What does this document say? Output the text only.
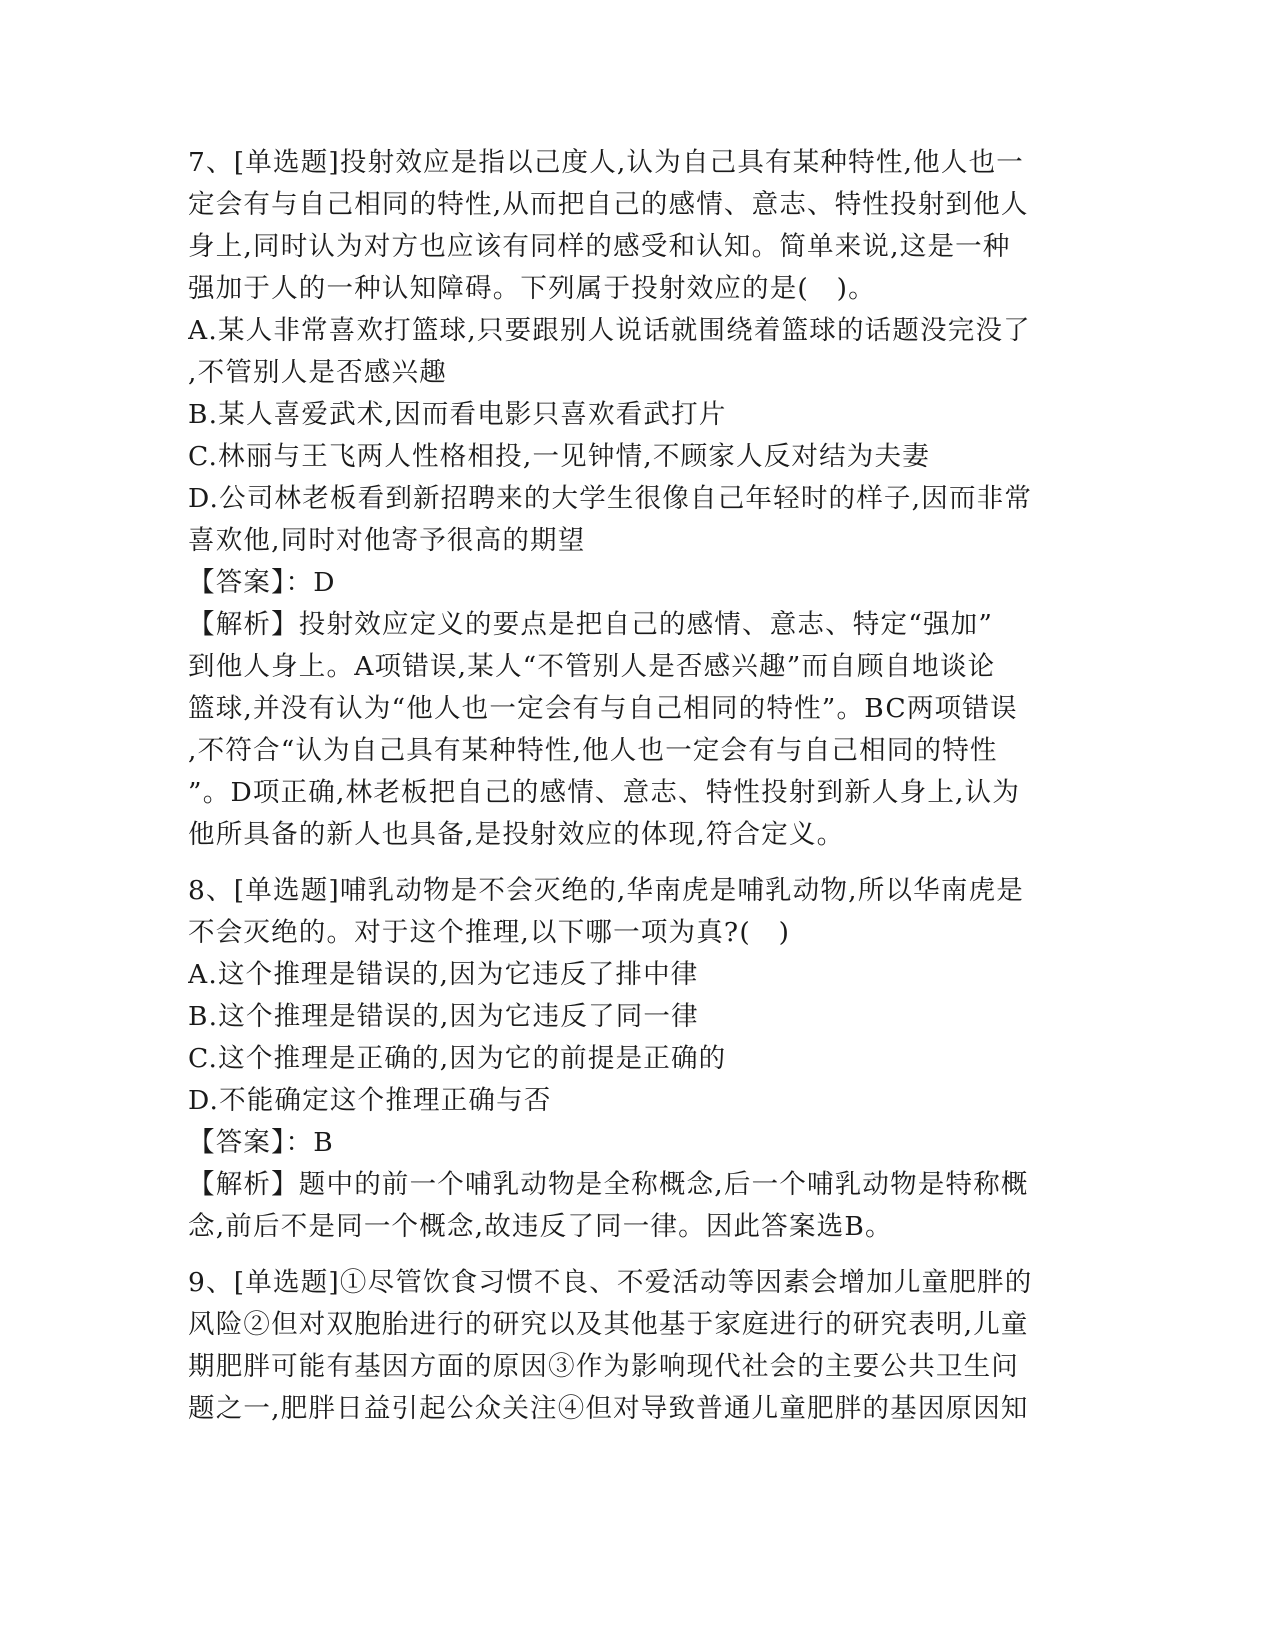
7、[单选题]投射效应是指以己度人,认为自己具有某种特性,他人也一
定会有与自己相同的特性,从而把自己的感情、意志、特性投射到他人
身上,同时认为对方也应该有同样的感受和认知。简单来说,这是一种
强加于人的一种认知障碍。下列属于投射效应的是(　)。
A.某人非常喜欢打篮球,只要跟别人说话就围绕着篮球的话题没完没了
,不管别人是否感兴趣
B.某人喜爱武术,因而看电影只喜欢看武打片
C.林丽与王飞两人性格相投,一见钟情,不顾家人反对结为夫妻
D.公司林老板看到新招聘来的大学生很像自己年轻时的样子,因而非常
喜欢他,同时对他寄予很高的期望
【答案】：D
【解析】投射效应定义的要点是把自己的感情、意志、特定“强加”
到他人身上。A项错误,某人“不管别人是否感兴趣”而自顾自地谈论
篮球,并没有认为“他人也一定会有与自己相同的特性”。BC两项错误
,不符合“认为自己具有某种特性,他人也一定会有与自己相同的特性
”。D项正确,林老板把自己的感情、意志、特性投射到新人身上,认为
他所具备的新人也具备,是投射效应的体现,符合定义。
8、[单选题]哺乳动物是不会灭绝的,华南虎是哺乳动物,所以华南虎是
不会灭绝的。对于这个推理,以下哪一项为真?(　)
A.这个推理是错误的,因为它违反了排中律
B.这个推理是错误的,因为它违反了同一律
C.这个推理是正确的,因为它的前提是正确的
D.不能确定这个推理正确与否
【答案】：B
【解析】题中的前一个哺乳动物是全称概念,后一个哺乳动物是特称概
念,前后不是同一个概念,故违反了同一律。因此答案选B。
9、[单选题]①尽管饮食习惯不良、不爱活动等因素会增加儿童肥胖的
风险②但对双胞胎进行的研究以及其他基于家庭进行的研究表明,儿童
期肥胖可能有基因方面的原因③作为影响现代社会的主要公共卫生问
题之一,肥胖日益引起公众关注④但对导致普通儿童肥胖的基因原因知
